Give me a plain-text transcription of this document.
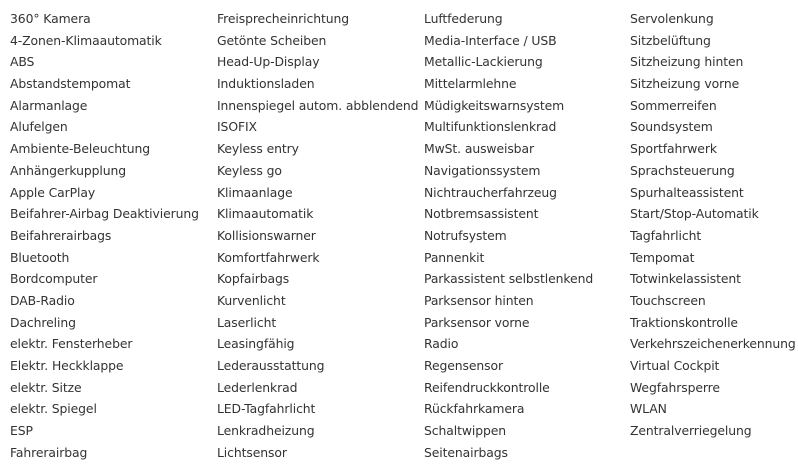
360° Kamera
4-Zonen-Klimaautomatik
ABS
Abstandstempomat
Alarmanlage
Alufelgen
Ambiente-Beleuchtung
Anhängerkupplung
Apple CarPlay
Beifahrer-Airbag Deaktivierung
Beifahrerairbags
Bluetooth
Bordcomputer
DAB-Radio
Dachreling
elektr. Fensterheber
Elektr. Heckklappe
elektr. Sitze
elektr. Spiegel
ESP
Fahrerairbag
Freisprecheinrichtung
Getönte Scheiben
Head-Up-Display
Induktionsladen
Innenspiegel autom. abblendend
ISOFIX
Keyless entry
Keyless go
Klimaanlage
Klimaautomatik
Kollisionswarner
Komfortfahrwerk
Kopfairbags
Kurvenlicht
Laserlicht
Leasingfähig
Lederausstattung
Lederlenkrad
LED-Tagfahrlicht
Lenkradheizung
Lichtsensor
Luftfederung
Media-Interface / USB
Metallic-Lackierung
Mittelarmlehne
Müdigkeitswarnsystem
Multifunktionslenkrad
MwSt. ausweisbar
Navigationssystem
Nichtraucherfahrzeug
Notbremsassistent
Notrufsystem
Pannenkit
Parkassistent selbstlenkend
Parksensor hinten
Parksensor vorne
Radio
Regensensor
Reifendruckkontrolle
Rückfahrkamera
Schaltwippen
Seitenairbags
Servolenkung
Sitzbelüftung
Sitzheizung hinten
Sitzheizung vorne
Sommerreifen
Soundsystem
Sportfahrwerk
Sprachsteuerung
Spurhalteassistent
Start/Stop-Automatik
Tagfahrlicht
Tempomat
Totwinkelassistent
Touchscreen
Traktionskontrolle
Verkehrszeichenerkennung
Virtual Cockpit
Wegfahrsperre
WLAN
Zentralverriegelung
